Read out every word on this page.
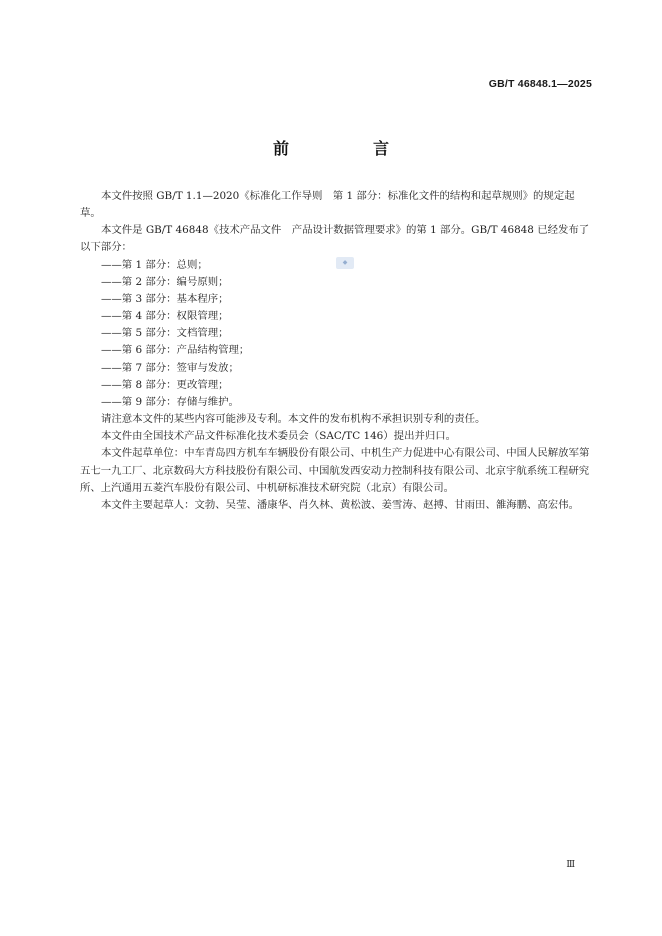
GB/T 46848.1—2025
前　言
◆

本文件按照 GB/T 1.1—2020《标准化工作导则　第 1 部分：标准化文件的结构和起草规则》的规定起草。

本文件是 GB/T 46848《技术产品文件　产品设计数据管理要求》的第 1 部分。GB/T 46848 已经发布了以下部分：

——第 1 部分：总则；

——第 2 部分：编号原则；

——第 3 部分：基本程序；

——第 4 部分：权限管理；

——第 5 部分：文档管理；

——第 6 部分：产品结构管理；

——第 7 部分：签审与发放；

——第 8 部分：更改管理；

——第 9 部分：存储与维护。

请注意本文件的某些内容可能涉及专利。本文件的发布机构不承担识别专利的责任。

本文件由全国技术产品文件标准化技术委员会（SAC/TC 146）提出并归口。

本文件起草单位：中车青岛四方机车车辆股份有限公司、中机生产力促进中心有限公司、中国人民解放军第五七一九工厂、北京数码大方科技股份有限公司、中国航发西安动力控制科技有限公司、北京宇航系统工程研究所、上汽通用五菱汽车股份有限公司、中机研标准技术研究院（北京）有限公司。

本文件主要起草人：文勃、吴莹、潘康华、肖久林、黄松波、姜雪涛、赵搏、甘雨田、雒海鹏、高宏伟。

Ⅲ
